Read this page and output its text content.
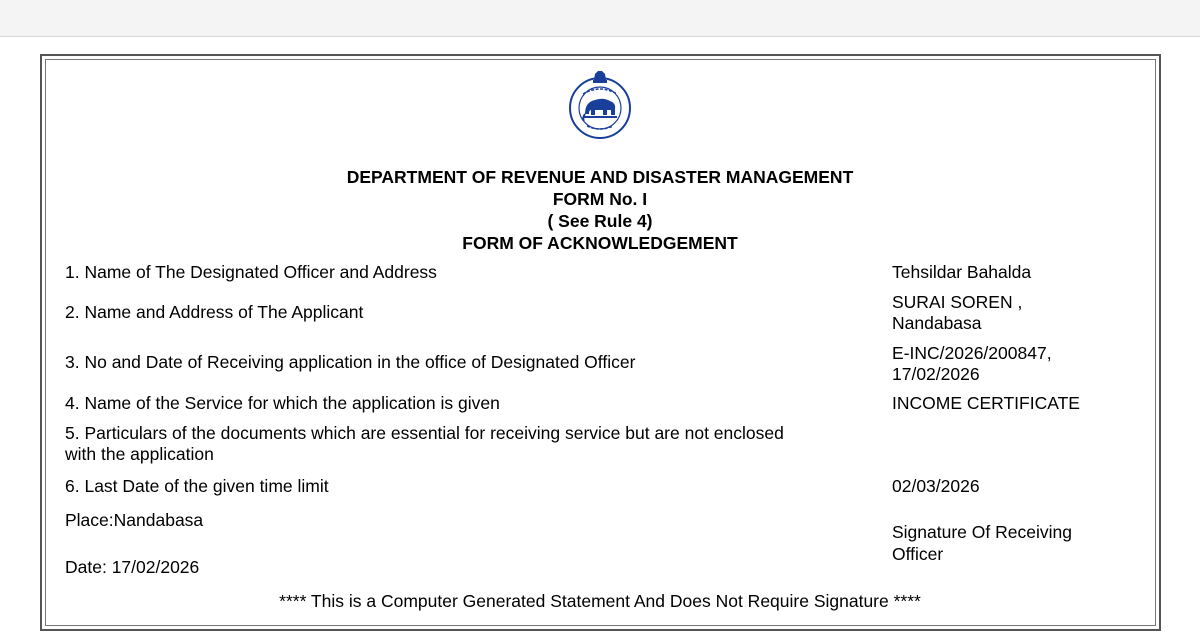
DEPARTMENT OF REVENUE AND DISASTER MANAGEMENT
FORM No. I
( See Rule 4)
FORM OF ACKNOWLEDGEMENT
1. Name of The Designated Officer and Address	Tehsildar Bahalda
2. Name and Address of The Applicant	SURAI SOREN ,
Nandabasa
3. No and Date of Receiving application in the office of Designated Officer	E-INC/2026/200847,
17/02/2026
4. Name of the Service for which the application is given	INCOME CERTIFICATE
5. Particulars of the documents which are essential for receiving service but are not enclosed
with the application
6. Last Date of the given time limit	02/03/2026
Place:Nandabasa
Signature Of Receiving
Officer
Date: 17/02/2026
**** This is a Computer Generated Statement And Does Not Require Signature ****
